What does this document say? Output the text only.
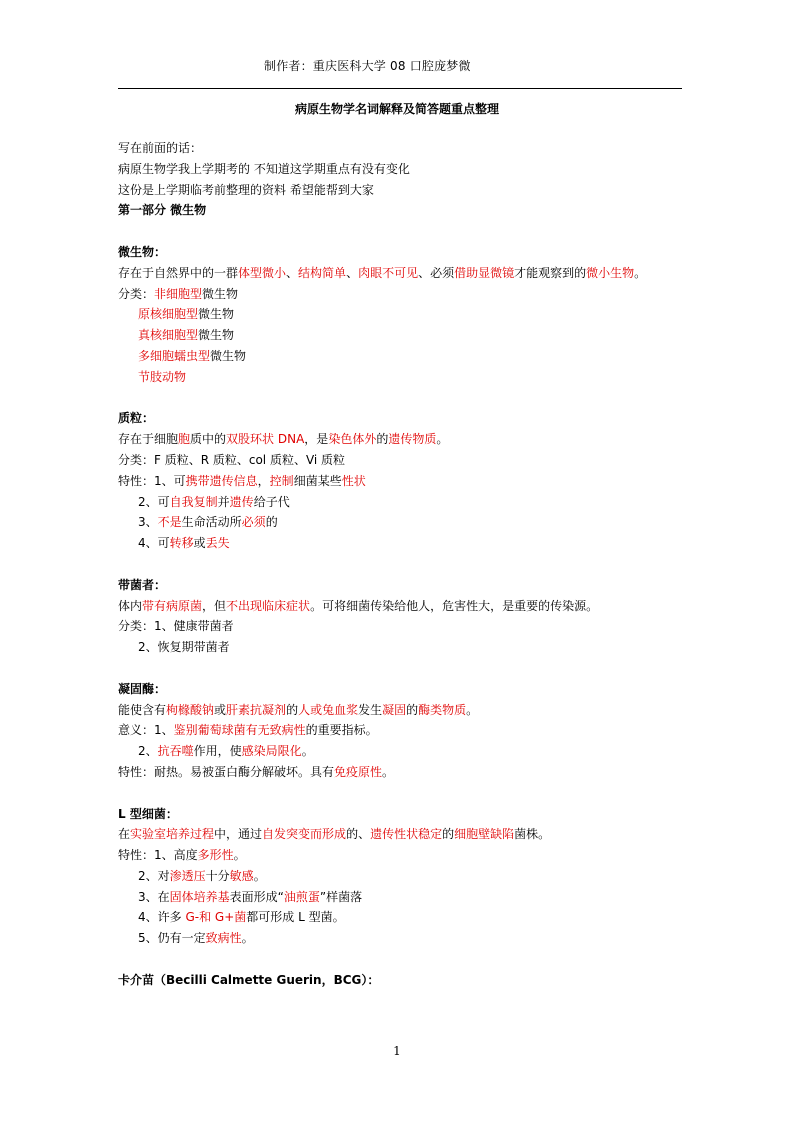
制作者：重庆医科大学 08 口腔庞梦微
病原生物学名词解释及简答题重点整理
写在前面的话：
病原生物学我上学期考的 不知道这学期重点有没有变化
这份是上学期临考前整理的资料 希望能帮到大家
第一部分 微生物
微生物：
存在于自然界中的一群体型微小、结构简单、肉眼不可见、必须借助显微镜才能观察到的微小生物。
分类：非细胞型微生物
原核细胞型微生物
真核细胞型微生物
多细胞蠕虫型微生物
节肢动物
质粒：
存在于细胞胞质中的双股环状 DNA，是染色体外的遗传物质。
分类：F 质粒、R 质粒、col 质粒、Vi 质粒
特性：1、可携带遗传信息，控制细菌某些性状
2、可自我复制并遗传给子代
3、不是生命活动所必须的
4、可转移或丢失
带菌者：
体内带有病原菌，但不出现临床症状。可将细菌传染给他人，危害性大，是重要的传染源。
分类：1、健康带菌者
2、恢复期带菌者
凝固酶：
能使含有枸橼酸钠或肝素抗凝剂的人或兔血浆发生凝固的酶类物质。
意义：1、鉴别葡萄球菌有无致病性的重要指标。
2、抗吞噬作用，使感染局限化。
特性：耐热。易被蛋白酶分解破坏。具有免疫原性。
L 型细菌：
在实验室培养过程中，通过自发突变而形成的、遗传性状稳定的细胞壁缺陷菌株。
特性：1、高度多形性。
2、对渗透压十分敏感。
3、在固体培养基表面形成“油煎蛋”样菌落
4、许多 G-和 G+菌都可形成 L 型菌。
5、仍有一定致病性。
卡介苗（Becilli Calmette Guerin，BCG）：
1
